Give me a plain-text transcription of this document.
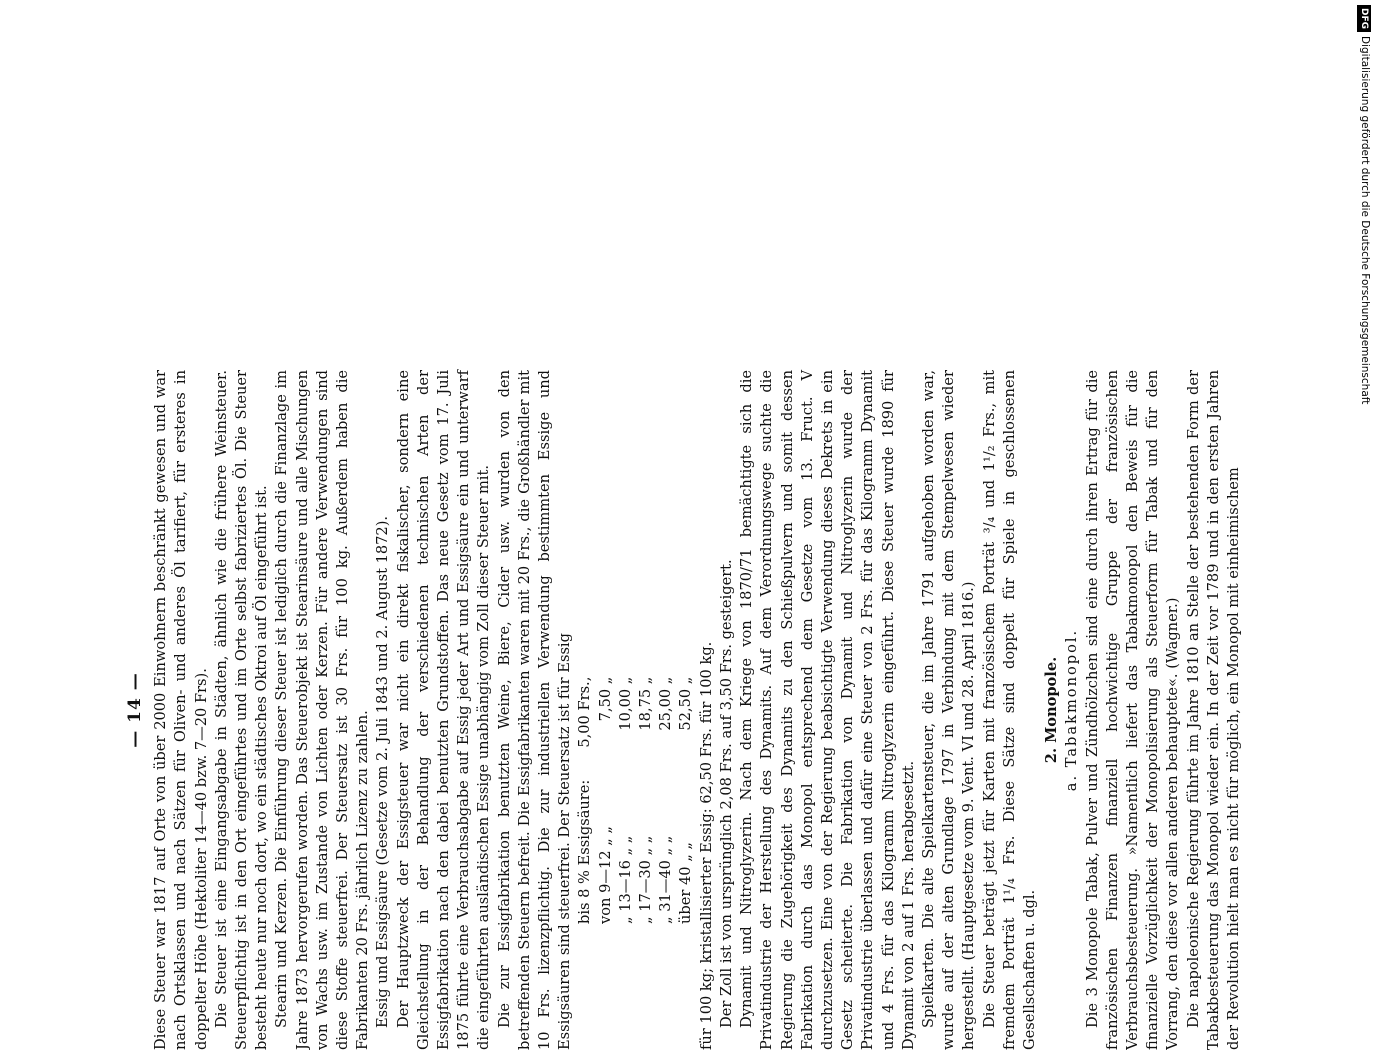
— 14 — Diese Steuer war 1817 auf Orte von über 2000 Einwohnern beschränkt gewesen und war nach Ortsklassen und nach Sätzen für Oliven- und anderes Öl tarifiert, für ersteres in doppelter Höhe (Hektoliter 14—40 bzw. 7—20 Frs). Die Steuer ist eine Eingangsabgabe in Städten, ähnlich wie die frühere Weinsteuer. Steuerpflichtig ist in den Ort eingeführtes und im Orte selbst fabriziertes Öl. Die Steuer besteht heute nur noch dort, wo ein städtisches Oktroi auf Öl eingeführt ist. Stearin und Kerzen. Die Einführung dieser Steuer ist lediglich durch die Finanzlage im Jahre 1873 hervorgerufen worden. Das Steuerobjekt ist Stearinsäure und alle Mischungen von Wachs usw. im Zustande von Lichten oder Kerzen. Für andere Verwendungen sind diese Stoffe steuerfrei. Der Steuersatz ist 30 Frs. für 100 kg. Außerdem haben die Fabrikanten 20 Frs. jährlich Lizenz zu zahlen. Essig und Essigsäure (Gesetze vom 2. Juli 1843 und 2. August 1872). Der Hauptzweck der Essigsteuer war nicht ein direkt fiskalischer, sondern eine Gleichstellung in der Behandlung der verschiedenen technischen Arten der Essigfabrikation nach den dabei benutzten Grundstoffen. Das neue Gesetz vom 17. Juli 1875 führte eine Verbrauchsabgabe auf Essig jeder Art und Essigsäure ein und unterwarf die eingeführten ausländischen Essige unabhängig vom Zoll dieser Steuer mit. Die zur Essigfabrikation benutzten Weine, Biere, Cider usw. wurden von den betreffenden Steuern befreit. Die Essigfabrikanten waren mit 20 Frs., die Großhändler mit 10 Frs. lizenzpflichtig. Die zur industriellen Verwendung bestimmten Essige und Essigsäuren sind steuerfrei. Der Steuersatz ist für Essig bis 8 % Essigsäure:	5,00 Frs.,
von 9—12 „ „	7,50 „
„ 13—16 „ „	10,00 „
„ 17—30 „ „	18,75 „
„ 31—40 „ „	25,00 „
über 40 „ „	52,50 „ für 100 kg; kristallisierter Essig: 62,50 Frs. für 100 kg. Der Zoll ist von ursprünglich 2,08 Frs. auf 3,50 Frs. gesteigert. Dynamit und Nitroglyzerin. Nach dem Kriege von 1870/71 bemächtigte sich die Privatindustrie der Herstellung des Dynamits. Auf dem Verordnungswege suchte die Regierung die Zugehörigkeit des Dynamits zu den Schießpulvern und somit dessen Fabrikation durch das Monopol entsprechend dem Gesetze vom 13. Fruct. V durchzusetzen. Eine von der Regierung beabsichtigte Verwendung dieses Dekrets in ein Gesetz scheiterte. Die Fabrikation von Dynamit und Nitroglyzerin wurde der Privatindustrie überlassen und dafür eine Steuer von 2 Frs. für das Kilogramm Dynamit und 4 Frs. für das Kilogramm Nitroglyzerin eingeführt. Diese Steuer wurde 1890 für Dynamit von 2 auf 1 Frs. herabgesetzt. Spielkarten. Die alte Spielkartensteuer, die im Jahre 1791 aufgehoben worden war, wurde auf der alten Grundlage 1797 in Verbindung mit dem Stempelwesen wieder hergestellt. (Hauptgesetze vom 9. Vent. VI und 28. April 1816.) Die Steuer beträgt jetzt für Karten mit französischem Porträt ³/₄ und 1¹/₂ Frs., mit fremdem Porträt 1¹/₄ Frs. Diese Sätze sind doppelt für Spiele in geschlossenen Gesellschaften u. dgl.

2. Monopole. a. Tabakmonopol. Die 3 Monopole Tabak, Pulver und Zündhölzchen sind eine durch ihren Ertrag für die französischen Finanzen finanziell hochwichtige Gruppe der französischen Verbrauchsbesteuerung. »Namentlich liefert das Tabakmonopol den Beweis für die finanzielle Vorzüglichkeit der Monopolisierung als Steuerform für Tabak und für den Vorrang, den diese vor allen anderen behauptete«. (Wagner.) Die napoleonische Regierung führte im Jahre 1810 an Stelle der bestehenden Form der Tabakbesteuerung das Monopol wieder ein. In der Zeit vor 1789 und in den ersten Jahren der Revolution hielt man es nicht für möglich, ein Monopol mit einheimischem

DFGDigitalisierung gefördert durch die Deutsche Forschungsgemeinschaft
